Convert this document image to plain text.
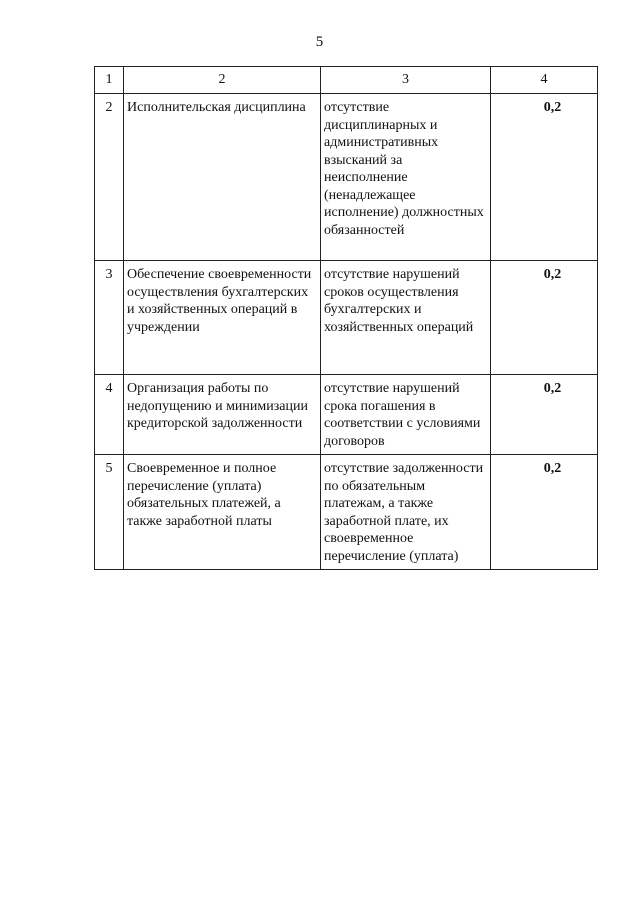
5
1	2	3	4
2	Исполнительская дисциплина	отсутствие дисциплинарных и административных взысканий за неисполнение (ненадлежащее исполнение) должностных обязанностей	0,2
3	Обеспечение своевременности осуществления бухгалтерских и хозяйственных операций в учреждении	отсутствие нарушений сроков осуществления бухгалтерских и хозяйственных операций	0,2
4	Организация работы по недопущению и минимизации кредиторской задолженности	отсутствие нарушений срока погашения в соответствии с условиями договоров	0,2
5	Своевременное и полное перечисление (уплата) обязательных платежей, а также заработной платы	отсутствие задолженности по обязательным платежам, а также заработной плате, их своевременное перечисление (уплата)	0,2
